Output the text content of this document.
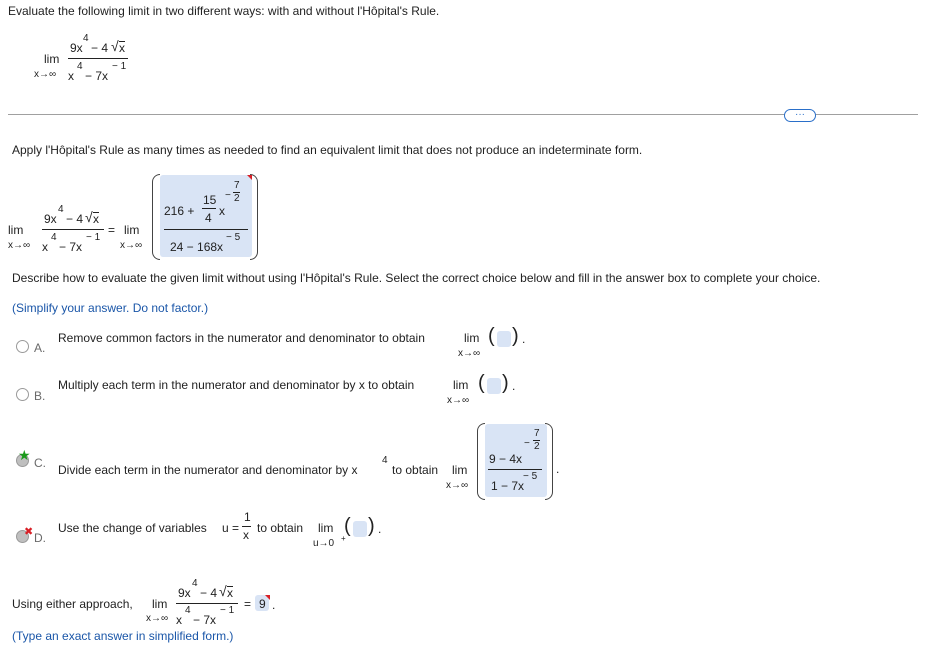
Evaluate the following limit in two different ways: with and without l'Hôpital's Rule.
lim
x→∞
9x
4
− 4 √ x
x
4
− 7x
− 1
···
Apply l'Hôpital's Rule as many times as needed to find an equivalent limit that does not produce an indeterminate form.
lim
x→∞
9x
4
− 4 √ x
x
4
− 7x
− 1
= lim
x→∞
216 +
15
4 x
−
7
2
24 − 168x
− 5
Describe how to evaluate the given limit without using l'Hôpital's Rule. Select the correct choice below and fill in the answer box to complete your choice.
(Simplify your answer. Do not factor.)
A.
Remove common factors in the numerator and denominator to obtain	lim
x→∞
( ) .
B.
Multiply each term in the numerator and denominator by x to obtain	lim
x→∞
( ) .
★ C. Divide each term in the numerator and denominator by x
4
to obtain lim
x→∞
9 − 4x
−
7
2
1 − 7x
− 5
.
✖ D.
Use the change of variables u =
1
x to obtain lim
u→0 +
( ) .
Using either approach, lim
x→∞
9x
4
− 4 √ x
x
4
− 7x
− 1 = 9 .
(Type an exact answer in simplified form.)
